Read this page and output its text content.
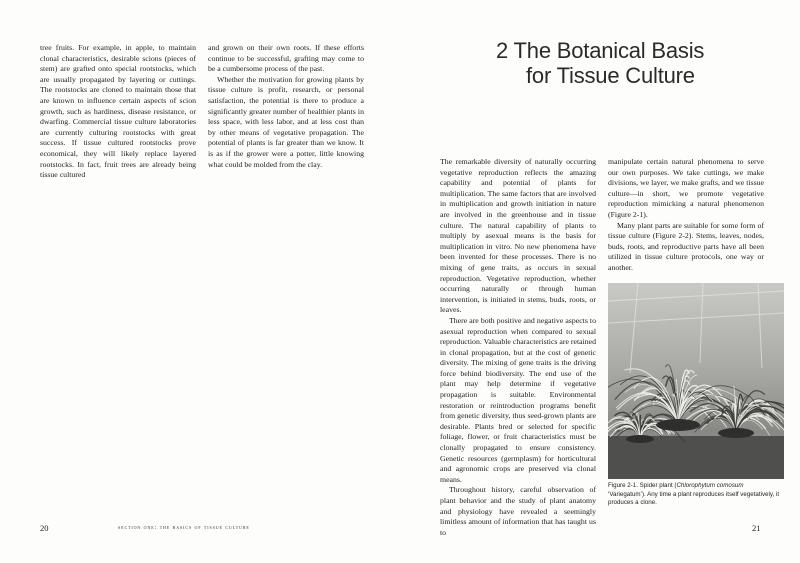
tree fruits. For example, in apple, to maintain clonal characteristics, desirable scions (pieces of stem) are grafted onto special rootstocks, which are usually propagated by layering or cuttings. The rootstocks are cloned to maintain those that are known to influence certain aspects of scion growth, such as hardiness, disease resistance, or dwarfing. Commercial tissue culture laboratories are currently culturing rootstocks with great success. If tissue cultured rootstocks prove economical, they will likely replace layered rootstocks. In fact, fruit trees are already being tissue cultured

and grown on their own roots. If these efforts continue to be successful, grafting may come to be a cumbersome process of the past.

Whether the motivation for growing plants by tissue culture is profit, research, or personal satisfaction, the potential is there to produce a significantly greater number of healthier plants in less space, with less labor, and at less cost than by other means of vegetative propagation. The potential of plants is far greater than we know. It is as if the grower were a potter, little knowing what could be molded from the clay.

20	section one: the basics of tissue culture
2 The Botanical Basis
for Tissue Culture

The remarkable diversity of naturally occurring vegetative reproduction reflects the amazing capability and potential of plants for multiplication. The same factors that are involved in multiplication and growth initiation in nature are involved in the greenhouse and in tissue culture. The natural capability of plants to multiply by asexual means is the basis for multiplication in vitro. No new phenomena have been invented for these processes. There is no mixing of gene traits, as occurs in sexual reproduction. Vegetative reproduction, whether occurring naturally or through human intervention, is initiated in stems, buds, roots, or leaves.

There are both positive and negative aspects to asexual reproduction when compared to sexual reproduction. Valuable characteristics are retained in clonal propagation, but at the cost of genetic diversity. The mixing of gene traits is the driving force behind biodiversity. The end use of the plant may help determine if vegetative propagation is suitable. Environmental restoration or reintroduction programs benefit from genetic diversity, thus seed-grown plants are desirable. Plants bred or selected for specific foliage, flower, or fruit characteristics must be clonally propagated to ensure consistency. Genetic resources (germplasm) for horticultural and agronomic crops are preserved via clonal means.

Throughout history, careful observation of plant behavior and the study of plant anatomy and physiology have revealed a seemingly limitless amount of information that has taught us to

manipulate certain natural phenomena to serve our own purposes. We take cuttings, we make divisions, we layer, we make grafts, and we tissue culture—in short, we promote vegetative reproduction mimicking a natural phenomenon (Figure 2-1).

Many plant parts are suitable for some form of tissue culture (Figure 2-2). Stems, leaves, nodes, buds, roots, and reproductive parts have all been utilized in tissue culture protocols, one way or another.

Figure 2-1. Spider plant (Chlorophytum comosum
‘Variegatum’). Any time a plant reproduces itself vegetatively, it produces a clone.
21
